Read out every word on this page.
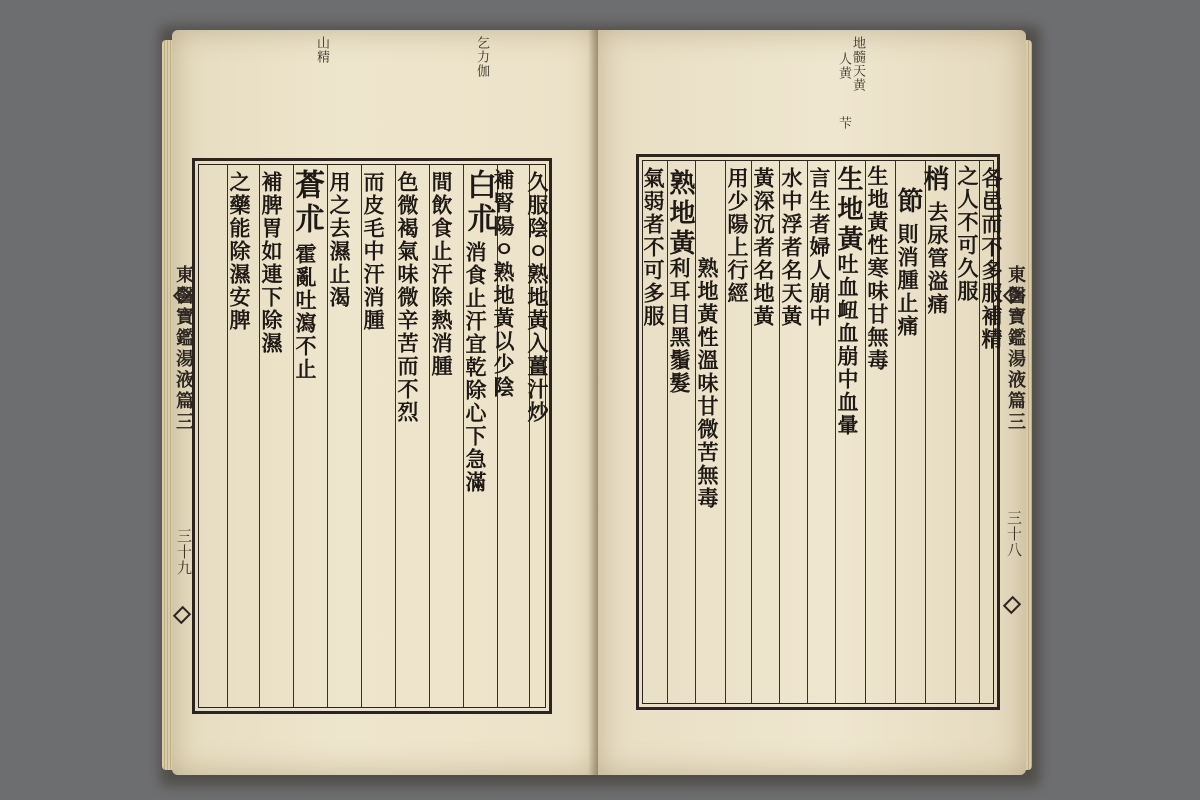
山精	乞力伽
久服陰ㅇ熟地黃入薑汁炒
白朮
補腎陽ㅇ熟地黃以少陰
消食止汗宜乾除心下急滿
間飲食止汗除熱消腫
色微褐氣味微辛苦而不烈
而皮毛中汗消腫
用之去濕止渴
蒼朮
霍亂吐瀉不止
補脾胃如連下除濕
之藥能除濕安脾
東醫寶鑑湯液篇三
三十九
地髓
天黄
人黄
芐
各邑而不多服補精
之人不可久服
梢
去尿管溢痛
節
則消腫止痛
生地黃 生地黃性寒味甘無毒
吐血衄血崩中血暈
言生者婦人崩中
水中浮者名天黃
黃深沉者名地黃
用少陽上行經
熟地黃
熟地黃性溫味甘微苦無毒
利耳目黑鬚髮
氣弱者不可多服
東醫寶鑑湯液篇三
三十八
